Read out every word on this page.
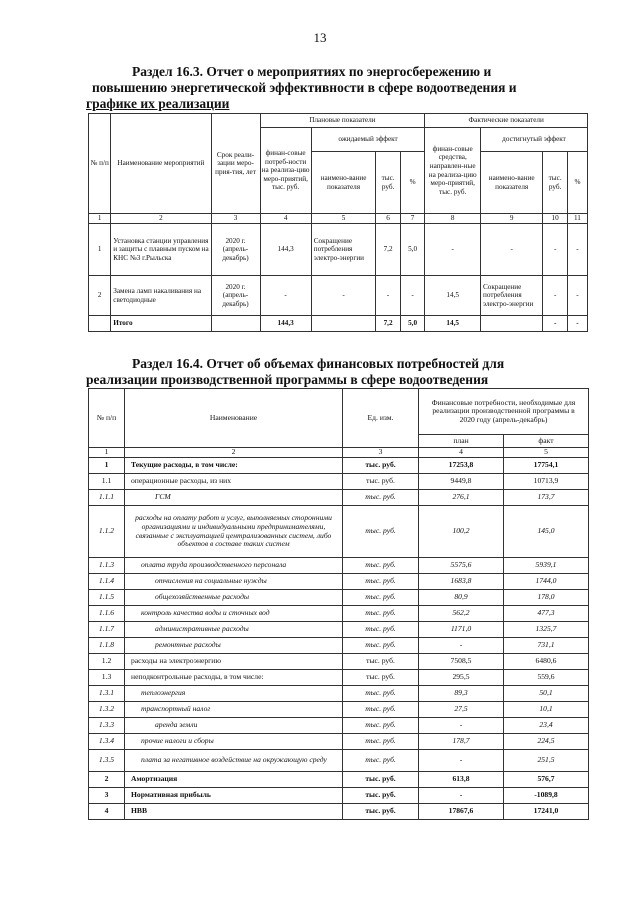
13
Раздел 16.3. Отчет о мероприятиях по энергосбережению и
повышению энергетической эффективности в сфере водоотведения и
графике их реализации
№ п/п	Наименование мероприятий	Срок реали-зации меро-прия-тия, лет	Плановые показатели				Фактические показатели			
			финан-совые потреб-ности на реализа-цию меро-приятий, тыс. руб.	ожидаемый эффект			финан-совые средства, направлен-ные на реализа-цию меро-приятий, тыс. руб.	достигнутый эффект		
				наимено-вание показателя	тыс. руб.	%		наимено-вание показателя	тыс. руб.	%
1	2	3	4	5	6	7	8	9	10	11
1	Установка станции управления и защиты с плавным пуском на КНС №3 г.Рыльска	2020 г. (апрель-декабрь)	144,3	Сокращение потребления электро-энергии	7,2	5,0	-	-	-	-
2	Замена ламп накаливания на светодиодные	2020 г. (апрель-декабрь)	-	-	-	-	14,5	Сокращение потребления электро-энергии	-	-
	Итого		144,3		7,2	5,0	14,5		-	-
Раздел 16.4. Отчет об объемах финансовых потребностей для
реализации производственной программы в сфере водоотведения
№ п/п	Наименование	Ед. изм.	Финансовые потребности, необходимые для реализации производственной программы в 2020 году (апрель-декабрь)	
			план	факт
1	2	3	4	5
1	Текущие расходы, в том числе:	тыс. руб.	17253,8	17754,1
1.1	операционные расходы, из них	тыс. руб.	9449,8	10713,9
1.1.1	ГСМ	тыс. руб.	276,1	173,7
1.1.2	расходы на оплату работ и услуг, выполняемых сторонними организациями и индивидуальными предпринимателями, связанные с эксплуатацией централизованных систем, либо объектов в составе таких систем	тыс. руб.	100,2	145,0
1.1.3	оплата труда производственного персонала	тыс. руб.	5575,6	5939,1
1.1.4	отчисления на социальные нужды	тыс. руб.	1683,8	1744,0
1.1.5	общехозяйственные расходы	тыс. руб.	80,9	178,0
1.1.6	контроль качества воды и сточных вод	тыс. руб.	562,2	477,3
1.1.7	административные расходы	тыс. руб.	1171,0	1325,7
1.1.8	ремонтные расходы	тыс. руб.	-	731,1
1.2	расходы на электроэнергию	тыс. руб.	7508,5	6480,6
1.3	неподконтрольные расходы, в том числе:	тыс. руб.	295,5	559,6
1.3.1	теплоэнергия	тыс. руб.	89,3	50,1
1.3.2	транспортный налог	тыс. руб.	27,5	10,1
1.3.3	аренда земли	тыс. руб.	-	23,4
1.3.4	прочие налоги и сборы	тыс. руб.	178,7	224,5
1.3.5	плата за негативное воздействие на окружающую среду	тыс. руб.	-	251,5
2	Амортизация	тыс. руб.	613,8	576,7
3	Нормативная прибыль	тыс. руб.	-	-1089,8
4	НВВ	тыс. руб.	17867,6	17241,0
